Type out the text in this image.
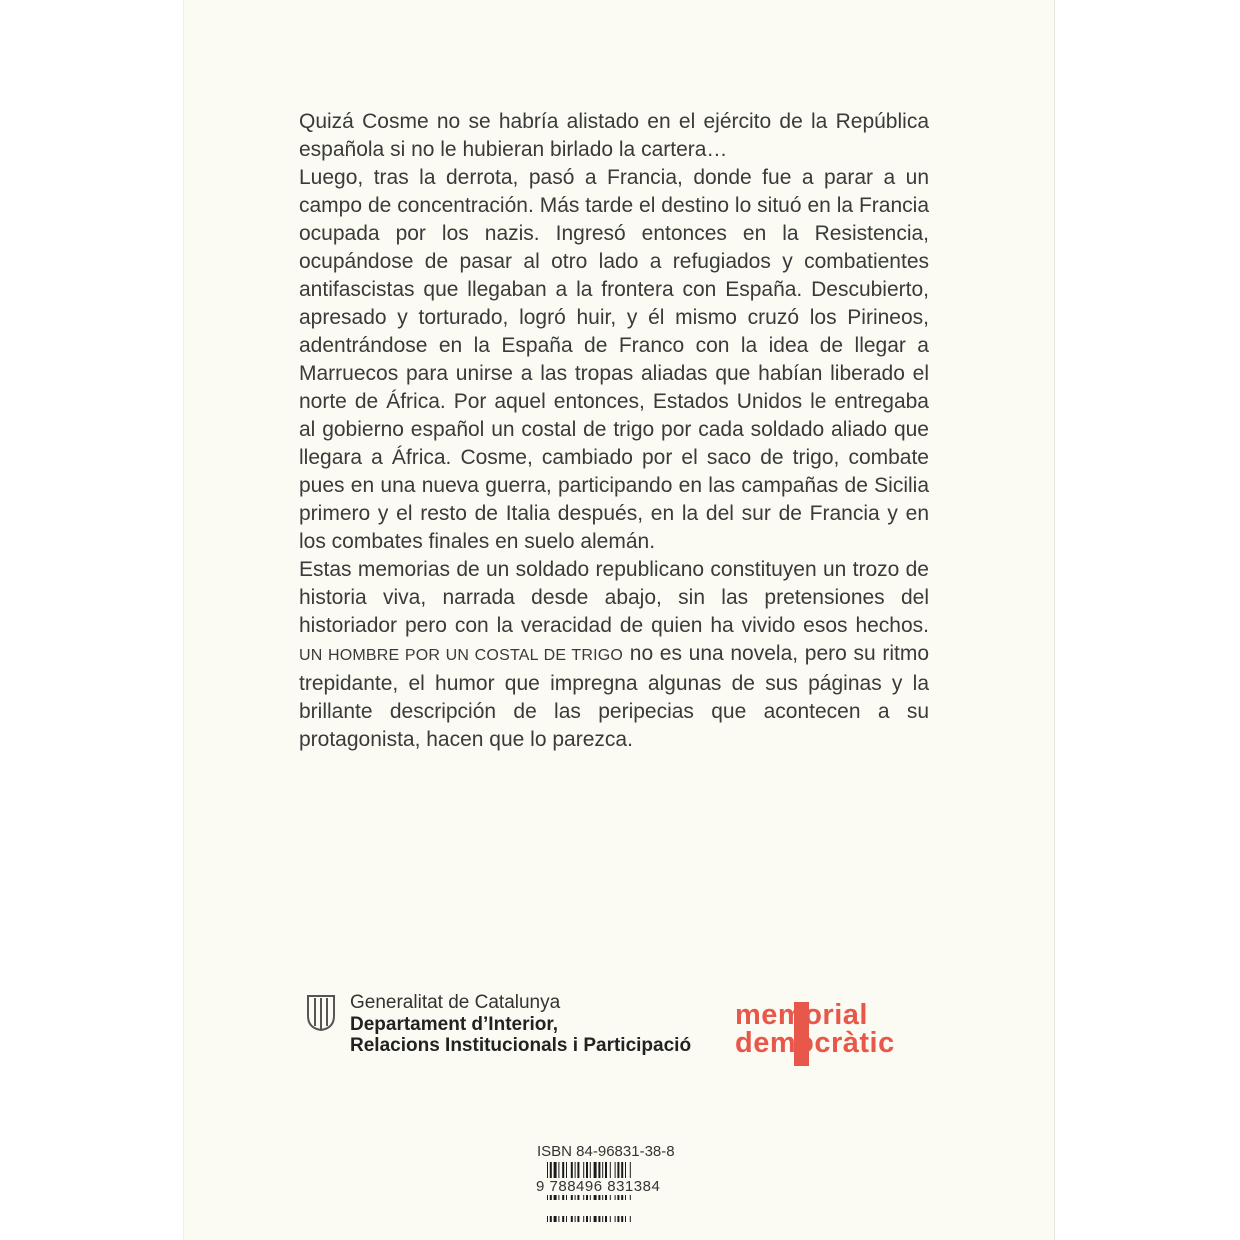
Quizá Cosme no se habría alistado en el ejército de la República española si no le hubieran birlado la cartera…

Luego, tras la derrota, pasó a Francia, donde fue a parar a un campo de concentración. Más tarde el destino lo situó en la Francia ocupada por los nazis. Ingresó entonces en la Resistencia, ocupándose de pasar al otro lado a refugiados y combatientes antifascistas que llegaban a la frontera con España. Descubierto, apresado y torturado, logró huir, y él mismo cruzó los Pirineos, adentrándose en la España de Franco con la idea de llegar a Marruecos para unirse a las tropas aliadas que habían liberado el norte de África. Por aquel entonces, Estados Unidos le entregaba al gobierno español un costal de trigo por cada soldado aliado que llegara a África. Cosme, cambiado por el saco de trigo, combate pues en una nueva guerra, participando en las campañas de Sicilia primero y el resto de Italia después, en la del sur de Francia y en los combates finales en suelo alemán.

Estas memorias de un soldado republicano constituyen un trozo de historia viva, narrada desde abajo, sin las pretensiones del historiador pero con la veracidad de quien ha vivido esos hechos. UN HOMBRE POR UN COSTAL DE TRIGO no es una novela, pero su ritmo trepidante, el humor que impregna algunas de sus páginas y la brillante descripción de las peripecias que acontecen a su protagonista, hacen que lo parezca.

Generalitat de Catalunya
Departament d’Interior,
Relacions Institucionals i Participació
memorial
democràtic
ISBN 84-96831-38-8
9 788496 831384
